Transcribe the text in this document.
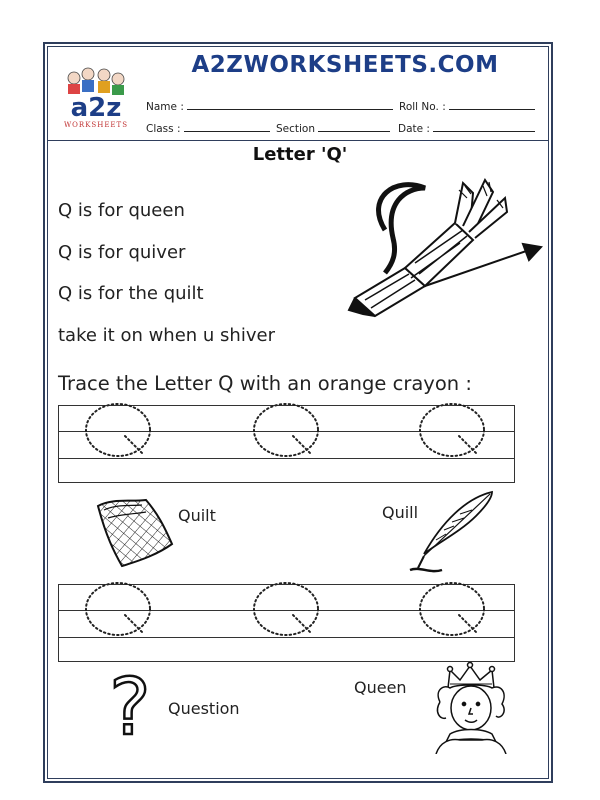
a2z
WORKSHEETS
A2ZWORKSHEETS.COM
Name :	Roll No. :
Class :	Section	Date :
Letter 'Q'
Q is for queen
Q is for quiver
Q is for the quilt
take it on when u shiver
Trace the Letter Q with an orange crayon :
Quilt	Quill
? Question
Queen
